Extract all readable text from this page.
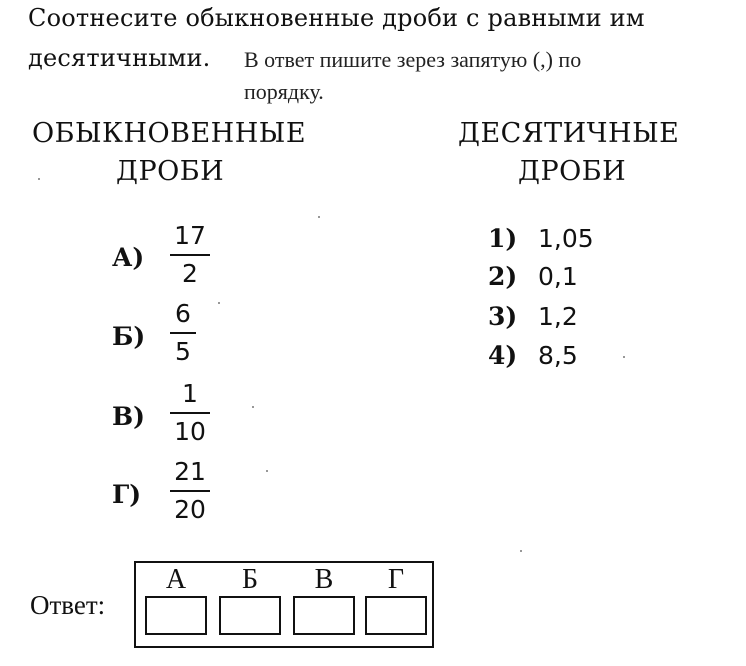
Соотнесите обыкновенные дроби с равными им
десятичными. В ответ пишите зерез запятую (,) по
порядку.
ОБЫКНОВЕННЫЕ
ДРОБИ
ДЕСЯТИЧНЫЕ
ДРОБИ
А)
17
2
Б)
6
5
В)
1
10
Г)
21
20
1) 1,05
2) 0,1
3) 1,2
4) 8,5
Ответ:
А	Б	В	Г
